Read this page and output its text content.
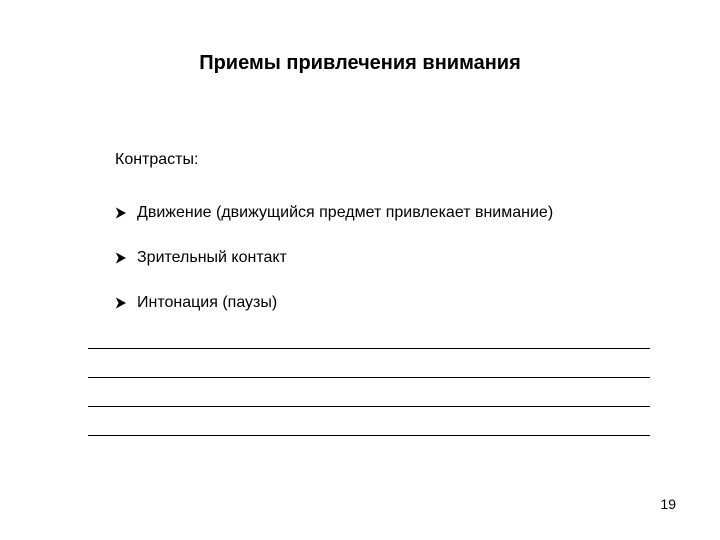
Приемы привлечения внимания
Контрасты:
Движение (движущийся предмет привлекает внимание)
Зрительный контакт
Интонация (паузы)
19
